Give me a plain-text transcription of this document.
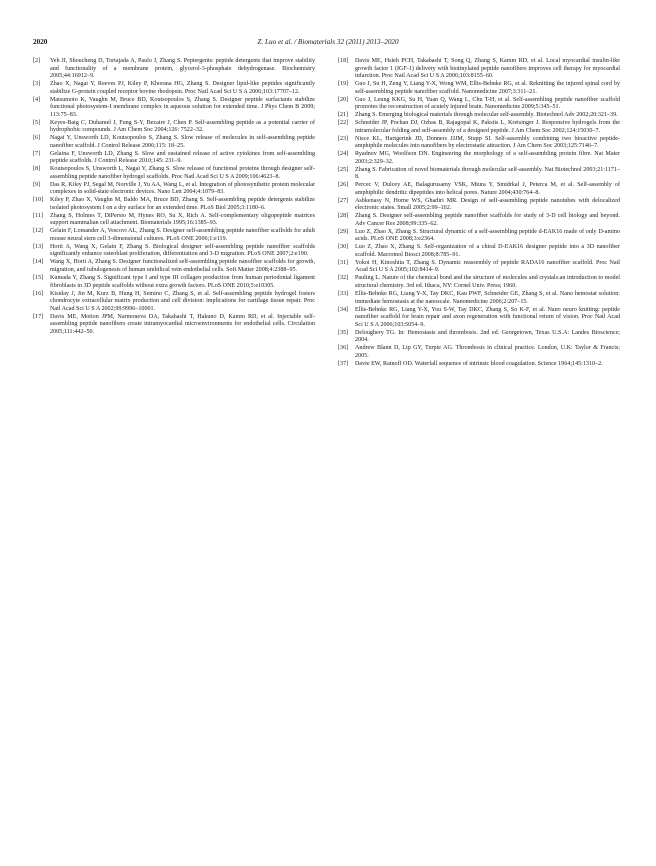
2020	Z. Luo et al. / Biomaterials 32 (2011) 2013–2020
[2] Yeh JI, Shoucheng D, Tortajada A, Paulo J, Zhang S. Peptergents: peptide detergents that improve stability and functionality of a membrane protein, glycerol-3-phosphate dehydrogenase. Biochemistry 2005;44:16912–9.
[3] Zhao X, Nagai Y, Reeves PJ, Kiley P, Khorana HG, Zhang S. Designer lipid-like peptides significantly stabilize G-protein coupled receptor bovine rhodopsin. Proc Natl Acad Sci U S A 2006;103:17707–12.
[4] Matsumoto K, Vaughn M, Bruce BD, Koutsopoulos S, Zhang S. Designer peptide surfactants stabilize functional photosystem-I membrane complex in aqueous solution for extended time. J Phys Chem B 2009; 113:75–83.
[5] Keyes-Baig C, Duhamel J, Fung S-Y, Bezaire J, Chen P. Self-assembling peptide as a potential carrier of hydrophobic compounds. J Am Chem Soc 2004;126: 7522–32.
[6] Nagai Y, Unsworth LD, Koutsopoulos S, Zhang S. Slow release of molecules in self-assembling peptide nanofiber scaffold. J Control Release 2006;115: 18–25.
[7] Gelaina F, Unsworth LD, Zhang S. Slow and sustained release of active cytokines from self-assembling peptide scaffolds. J Control Release 2010;145: 231–9.
[8] Koutsopoulos S, Unsworth L, Nagai Y, Zhang S. Slow release of functional proteins through designer self-assembling peptide nanofiber hydrogel scaffolds. Proc Natl Acad Sci U S A 2009;106:4623–8.
[9] Das R, Kiley PJ, Segal M, Norville J, Yu AA, Wang L, et al. Integration of photosynthetic protein molecular complexes in solid-state electronic devices. Nano Lett 2004;4:1079–83.
[10] Kiley P, Zhao X, Vaughn M, Baldo MA, Bruce BD, Zhang S. Self-assembling peptide detergents stabilize isolated photosystem I on a dry surface for an extended time. PLoS Biol 2005;3:1180–6.
[11] Zhang S, Holmes T, DiPersio M, Hynes RO, Su X, Rich A. Self-complementary oligopeptide matrices support mammalian cell attachment. Biomaterials 1995;16:1385–93.
[12] Gelain F, Lomander A, Vescovi AL, Zhang S. Designer self-assembling peptide nanofiber scaffolds for adult mouse neural stem cell 3-dimensional cultures. PLoS ONE 2006;1:e119.
[13] Horii A, Wang X, Gelain F, Zhang S. Biological designer self-assembling peptide nanofiber scaffolds significantly enhance osteoblast proliferation, differentiation and 3-D migration. PLoS ONE 2007;2:e190.
[14] Wang X, Horii A, Zhang S. Designer functionalized self-assembling peptide nanofiber scaffolds for growth, migration, and tubulogenesis of human umbilical vein endothelial cells. Soft Matter 2008;4:2388–95.
[15] Kumada Y, Zhang S. Significant type I and type III collagen production from human periodontal ligament fibroblasts in 3D peptide scaffolds without extra growth factors. PLoS ONE 2010;5:e10305.
[16] Kisiday J, Jin M, Kurz B, Hung H, Semino C, Zhang S, et al. Self-assembling peptide hydrogel fosters chondrocyte extracellular matrix production and cell division: implications for cartilage tissue repair. Proc Natl Acad Sci U S A 2002;99:9996–10001.
[17] Davis ME, Motion JPM, Narmoneva DA, Takahashi T, Hakuno D, Kamm RD, et al. Injectable self-assembling peptide nanofibers create intramyocardial microenvironments for endothelial cells. Circulation 2005;111:442–50.
[18] Davis ME, Hsieh PCH, Takahashi T, Song Q, Zhang S, Kamm RD, et al. Local myocardial insulin-like growth factor 1 (IGF-1) delivery with biotinylated peptide nanofibers improves cell therapy for myocardial infarction. Proc Natl Acad Sci U S A 2006;103:8155–60.
[19] Guo J, Su H, Zeng Y, Liang Y-X, Wong WM, Ellis-Behnke RG, et al. Reknitting the injured spinal cord by self-assembling peptide nanofiber scaffold. Nanomedicine 2007;3:311–21.
[20] Guo J, Leung KKG, Su H, Yuan Q, Wang L, Chu T-H, et al. Self-assembling peptide nanofiber scaffold promotes the reconstruction of acutely injured brain. Nanomedicine 2009;5:345–51.
[21] Zhang S. Emerging biological materials through molecular self-assembly. Biotechnol Adv 2002;20:321–39.
[22] Schneider JP, Pochan DJ, Ozbas B, Rajagopal K, Pakstis L, Kretsinger J. Responsive hydrogels from the intramolecular folding and self-assembly of a designed peptide. J Am Chem Soc 2002;124:15030–7.
[23] Niece KL, Hartgerink JD, Donners JJJM, Stupp SI. Self-assembly combining two bioactive peptide-amphiphile molecules into nanofibers by electrostatic attraction. J Am Chem Soc 2003;125:7146–7.
[24] Ryadnov MG, Woolfson DN. Engineering the morphology of a self-assembling protein fibre. Nat Mater 2003;2:329–32.
[25] Zhang S. Fabrication of novel biomaterials through molecular self-assembly. Nat Biotechnol 2003;21:1171–8.
[26] Percec V, Dulcey AE, Balagurusamy VSK, Miura Y, Smidrkal J, Peterca M, et al. Self-assembly of amphiphilic dendritic dipeptides into helical pores. Nature 2004;430:764–8.
[27] Ashkenasy N, Horne WS, Ghadiri MR. Design of self-assembling peptide nanotubes with delocalized electronic states. Small 2005;2:99–102.
[28] Zhang S. Designer self-assembling peptide nanofiber scaffolds for study of 3-D cell biology and beyond. Adv Cancer Res 2008;99:335–62.
[29] Luo Z, Zhao X, Zhang S. Structural dynamic of a self-assembling peptide d-EAK16 made of only D-amino acids. PLoS ONE 2008;3:e2364.
[30] Luo Z, Zhao X, Zhang S. Self-organization of a chiral D-EAK16 designer peptide into a 3D nanofiber scaffold. Macromol Biosci 2008;8:785–91.
[31] Yokoi H, Kinoshita T, Zhang S. Dynamic reassembly of peptide RADA16 nanofiber scaffold. Proc Natl Acad Sci U S A 2005;102:8414–9.
[32] Pauling L. Nature of the chemical bond and the structure of molecules and crystals:an introduction to model structural chemistry. 3rd ed. Ithaca, NY: Cornel Univ. Press; 1960.
[33] Ellis-Behnke RG, Liang Y-X, Tay DKC, Kau PWF, Schneider GE, Zhang S, et al. Nano hemostat solution: immediate hemostasis at the nanoscale. Nanomedicine 2006;2:207–15.
[34] Ellis-Behnke RG, Liang Y-X, You S-W, Tay DKC, Zhang S, So K-F, et al. Nano neuro knitting: peptide nanofiber scaffold for brain repair and axon regeneration with functional return of vision. Proc Natl Acad Sci U S A 2006;103:5054–9.
[35] Deloughery TG. In: Hemostasis and thrombosis. 2nd ed. Georgetown, Texas U.S.A: Landes Bioscience; 2004.
[36] Andrew Blann D, Lip GY, Turpie AG. Thrombosis in clinical practice. London, U.K: Taylor & Francis; 2005.
[37] Davie EW, Ratnoff OD. Waterfall sequence of intrinsic blood coagulation. Science 1964;145:1310–2.
